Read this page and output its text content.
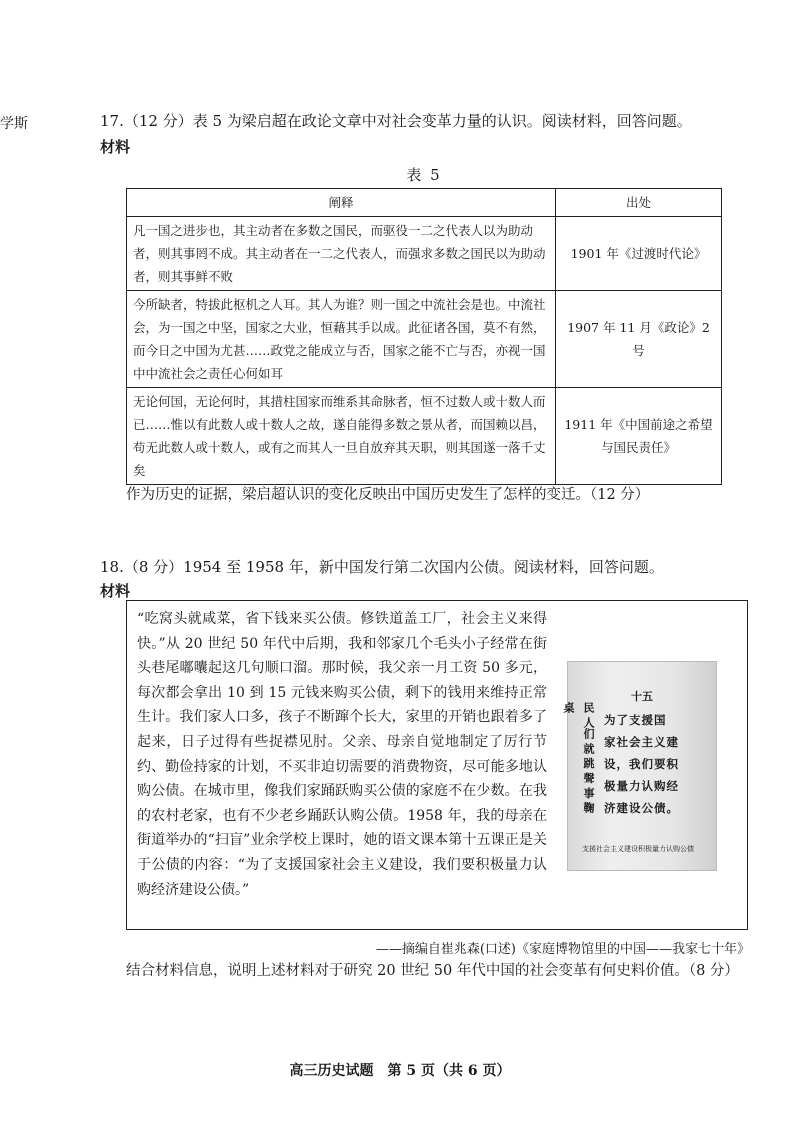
学斯	17.（12 分）表 5 为梁启超在政论文章中对社会变革力量的认识。阅读材料，回答问题。
材料
表 5
阐释	出处
凡一国之进步也，其主动者在多数之国民，而驱役一二之代表人以为助动者，则其事罔不成。其主动者在一二之代表人，而强求多数之国民以为助动者，则其事鲜不败	1901 年《过渡时代论》
今所缺者，特拔此枢机之人耳。其人为谁？则一国之中流社会是也。中流社会，为一国之中坚，国家之大业，恒藉其手以成。此征诸各国，莫不有然，而今日之中国为尤甚……政党之能成立与否，国家之能不亡与否，亦视一国中中流社会之责任心何如耳	1907 年 11 月《政论》2 号
无论何国，无论何时，其措柱国家而维系其命脉者，恒不过数人或十数人而已……惟以有此数人或十数人之故，遂自能得多数之景从者，而国赖以昌，苟无此数人或十数人，或有之而其人一旦自放弃其天职，则其国遂一落千丈矣	1911 年《中国前途之希望与国民责任》
作为历史的证据，梁启超认识的变化反映出中国历史发生了怎样的变迁。（12 分）
18.（8 分）1954 至 1958 年，新中国发行第二次国内公债。阅读材料，回答问题。
材料
“吃窝头就咸菜，省下钱来买公债。修铁道盖工厂，社会主义来得快。”从 20 世纪 50 年代中后期，我和邻家几个毛头小子经常在街头巷尾嘟囔起这几句顺口溜。那时候，我父亲一月工资 50 多元，每次都会拿出 10 到 15 元钱来购买公债，剩下的钱用来维持正常生计。我们家人口多，孩子不断蹿个长大，家里的开销也跟着多了起来，日子过得有些捉襟见肘。父亲、母亲自觉地制定了厉行节约、勤俭持家的计划，不买非迫切需要的消费物资，尽可能多地认购公债。在城市里，像我们家踊跃购买公债的家庭不在少数。在我的农村老家，也有不少老乡踊跃认购公债。1958 年，我的母亲在街道举办的“扫盲”业余学校上课时，她的语文课本第十五课正是关于公债的内容：“为了支援国家社会主义建设，我们要积极量力认购经济建设公债。”
十五
民 人们 就 跳 聲 事 鞠 桌
为了支援国
家社会主义建
设，我们要积
极量力认购经
济建设公债。
支援社会主义建设积极量力认购公债
——摘编自崔兆森(口述)《家庭博物馆里的中国——我家七十年》
结合材料信息，说明上述材料对于研究 20 世纪 50 年代中国的社会变革有何史料价值。（8 分）
高三历史试题　第 5 页（共 6 页）
